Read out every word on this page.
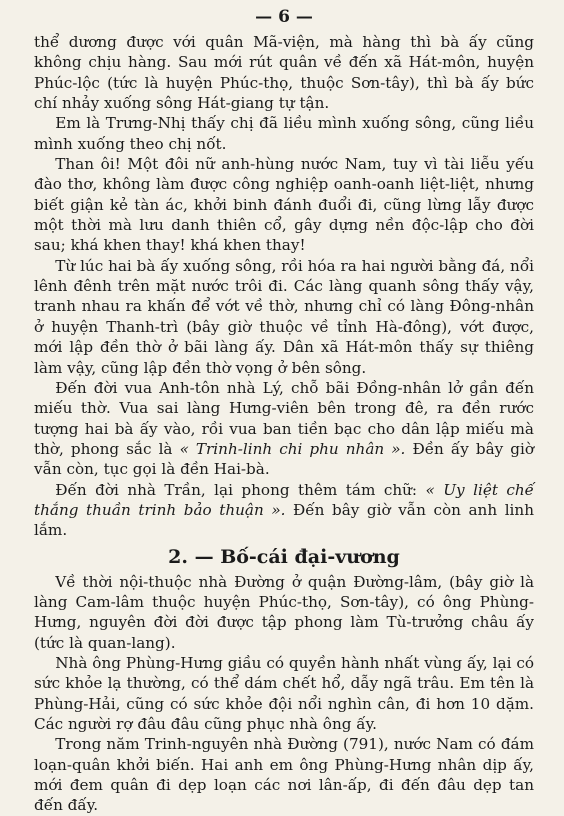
— 6 —

thể dương được với quân Mã-viện, mà hàng thì bà ấy cũng không chịu hàng. Sau mới rút quân về đến xã Hát-môn, huyện Phúc-lộc (tức là huyện Phúc-thọ, thuộc Sơn-tây), thì bà ấy bức chí nhảy xuống sông Hát-giang tự tận.

Em là Trưng-Nhị thấy chị đã liều mình xuống sông, cũng liều mình xuống theo chị nốt.

Than ôi! Một đôi nữ anh-hùng nước Nam, tuy vì tài liễu yếu đào thơ, không làm được công nghiệp oanh-oanh liệt-liệt, nhưng biết giận kẻ tàn ác, khởi binh đánh đuổi đi, cũng lừng lẫy được một thời mà lưu danh thiên cổ, gây dựng nền độc-lập cho đời sau; khá khen thay! khá khen thay!

Từ lúc hai bà ấy xuống sông, rồi hóa ra hai người bằng đá, nổi lênh đênh trên mặt nước trôi đi. Các làng quanh sông thấy vậy, tranh nhau ra khấn để vớt về thờ, nhưng chỉ có làng Đông-nhân ở huyện Thanh-trì (bây giờ thuộc về tỉnh Hà-đông), vớt được, mới lập đền thờ ở bãi làng ấy. Dân xã Hát-môn thấy sự thiêng làm vậy, cũng lập đền thờ vọng ở bên sông.

Đến đời vua Anh-tôn nhà Lý, chỗ bãi Đồng-nhân lở gần đến miếu thờ. Vua sai làng Hưng-viên bên trong đê, ra đền rước tượng hai bà ấy vào, rồi vua ban tiền bạc cho dân lập miếu mà thờ, phong sắc là « Trinh-linh chi phu nhân ». Đền ấy bây giờ vẫn còn, tục gọi là đền Hai-bà.

Đến đời nhà Trần, lại phong thêm tám chữ: « Uy liệt chế thắng thuần trinh bảo thuận ». Đến bây giờ vẫn còn anh linh lắm.

2. — Bố-cái đại-vương

Về thời nội-thuộc nhà Đường ở quận Đường-lâm, (bây giờ là làng Cam-lâm thuộc huyện Phúc-thọ, Sơn-tây), có ông Phùng-Hưng, nguyên đời đời được tập phong làm Tù-trưởng châu ấy (tức là quan-lang).

Nhà ông Phùng-Hưng giầu có quyền hành nhất vùng ấy, lại có sức khỏe lạ thường, có thể dám chết hổ, dẫy ngã trâu. Em tên là Phùng-Hải, cũng có sức khỏe đội nổi nghìn cân, đi hơn 10 dặm. Các người rợ đâu đâu cũng phục nhà ông ấy.

Trong năm Trinh-nguyên nhà Đường (791), nước Nam có đám loạn-quân khởi biến. Hai anh em ông Phùng-Hưng nhân dịp ấy, mới đem quân đi dẹp loạn các nơi lân-ấp, đi đến đâu dẹp tan đến đấy.
